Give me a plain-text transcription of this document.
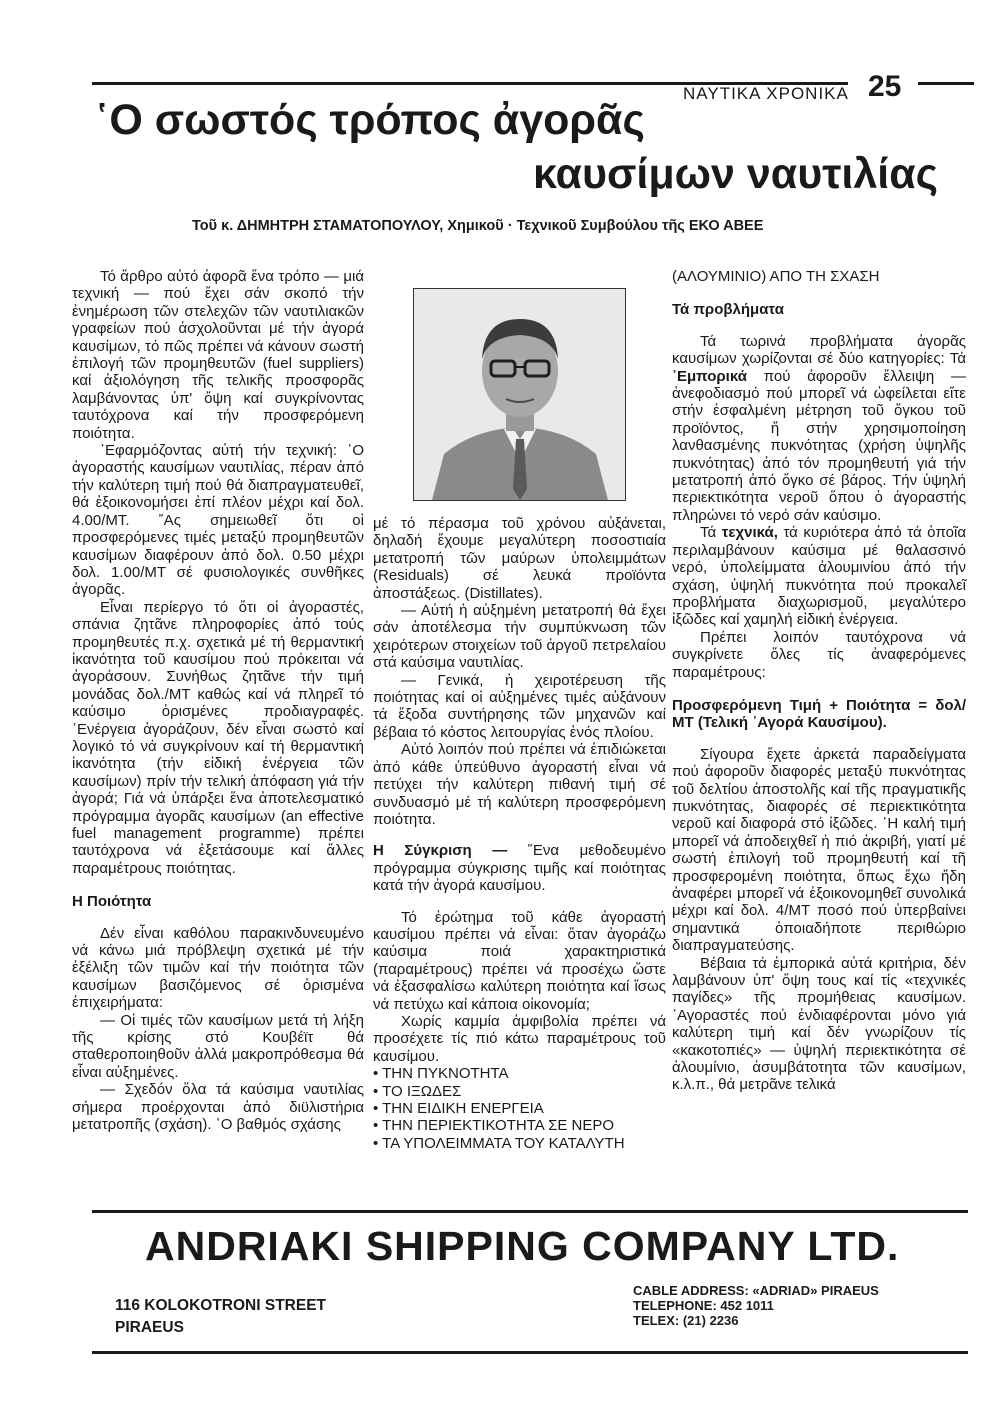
ΝΑΥΤΙΚΑ ΧΡΟΝΙΚΑ 25
῾Ο σωστός τρόπος ἀγορᾶς
καυσίμων ναυτιλίας
Τοῦ κ. ΔΗΜΗΤΡΗ ΣΤΑΜΑΤΟΠΟΥΛΟΥ, Χημικοῦ · Τεχνικοῦ Συμβούλου τῆς ΕΚΟ ΑΒΕΕ

Τό ἄρθρο αὐτό ἀφορᾶ ἕνα τρόπο — μιά τεχνική — πού ἔχει σάν σκοπό τήν ἐνημέρωση τῶν στελεχῶν τῶν ναυτιλιακῶν γραφείων πού ἀσχολοῦνται μέ τήν ἀγορά καυσίμων, τό πῶς πρέπει νά κάνουν σωστή ἐπιλογή τῶν προμηθευτῶν (fuel suppliers) καί ἀξιολόγηση τῆς τελικῆς προσφορᾶς λαμβάνοντας ὑπ' ὄψη καί συγκρίνοντας ταυτόχρονα καί τήν προσφερόμενη ποιότητα.

᾿Εφαρμόζοντας αὐτή τήν τεχνική: ῾Ο ἀγοραστής καυσίμων ναυτιλίας, πέραν ἀπό τήν καλύτερη τιμή πού θά διαπραγματευθεῖ, θά ἐξοικονομήσει ἐπί πλέον μέχρι καί δολ. 4.00/ΜΤ. ῎Ας σημειωθεῖ ὅτι οἱ προσφερόμενες τιμές μεταξύ προμηθευτῶν καυσίμων διαφέρουν ἀπό δολ. 0.50 μέχρι δολ. 1.00/ΜΤ σέ φυσιολογικές συνθῆκες ἀγορᾶς.

Εἶναι περίεργο τό ὅτι οἱ ἀγοραστές, σπάνια ζητᾶνε πληροφορίες ἀπό τούς προμηθευτές π.χ. σχετικά μέ τή θερμαντική ἱκανότητα τοῦ καυσίμου πού πρόκειται νά ἀγοράσουν. Συνήθως ζητᾶνε τήν τιμή μονάδας δολ./ΜΤ καθώς καί νά πληρεῖ τό καύσιμο ὁρισμένες προδιαγραφές. ᾿Ενέργεια ἀγοράζουν, δέν εἶναι σωστό καί λογικό τό νά συγκρίνουν καί τή θερμαντική ἱκανότητα (τήν εἰδική ἐνέργεια τῶν καυσίμων) πρίν τήν τελική ἀπόφαση γιά τήν ἀγορά; Γιά νά ὑπάρξει ἕνα ἀποτελεσματικό πρόγραμμα ἀγορᾶς καυσίμων (an effective fuel management programme) πρέπει ταυτόχρονα νά ἐξετάσουμε καί ἄλλες παραμέτρους ποιότητας.

Η Ποιότητα

Δέν εἶναι καθόλου παρακινδυνευμένο νά κάνω μιά πρόβλεψη σχετικά μέ τήν ἐξέλιξη τῶν τιμῶν καί τήν ποιότητα τῶν καυσίμων βασιζόμενος σέ ὁρισμένα ἐπιχειρήματα:

— Οἱ τιμές τῶν καυσίμων μετά τή λήξη τῆς κρίσης στό Κουβέϊτ θά σταθεροποιηθοῦν ἀλλά μακροπρόθεσμα θά εἶναι αὐξημένες.

— Σχεδόν ὅλα τά καύσιμα ναυτιλίας σήμερα προέρχονται ἀπό διϋλιστήρια μετατροπῆς (σχάση). ῾Ο βαθμός σχάσης

μέ τό πέρασμα τοῦ χρόνου αὐξάνεται, δηλαδή ἔχουμε μεγαλύτερη ποσοστιαία μετατροπή τῶν μαύρων ὑπολειμμάτων (Residuals) σέ λευκά προϊόντα ἀποστάξεως. (Distillates).

— Αὐτή ἡ αὐξημένη μετατροπή θά ἔχει σάν ἀποτέλεσμα τήν συμπύκνωση τῶν χειρότερων στοιχείων τοῦ ἀργοῦ πετρελαίου στά καύσιμα ναυτιλίας.

— Γενικά, ἡ χειροτέρευση τῆς ποιότητας καί οἱ αὐξημένες τιμές αὐξάνουν τά ἔξοδα συντήρησης τῶν μηχανῶν καί βέβαια τό κόστος λειτουργίας ἑνός πλοίου.

Αὐτό λοιπόν πού πρέπει νά ἐπιδιώκεται ἀπό κάθε ὑπεύθυνο ἀγοραστή εἶναι νά πετύχει τήν καλύτερη πιθανή τιμή σέ συνδυασμό μέ τή καλύτερη προσφερόμενη ποιότητα.

Η Σύγκριση — ῞Ενα μεθοδευμένο πρόγραμμα σύγκρισης τιμῆς καί ποιότητας κατά τήν ἀγορά καυσίμου.

Τό ἐρώτημα τοῦ κάθε ἀγοραστή καυσίμου πρέπει νά εἶναι: ὅταν ἀγοράζω καύσιμα ποιά χαρακτηριστικά (παραμέτρους) πρέπει νά προσέχω ὥστε νά ἐξασφαλίσω καλύτερη ποιότητα καί ἴσως νά πετύχω καί κάποια οἰκονομία;

Χωρίς καμμία ἀμφιβολία πρέπει νά προσέχετε τίς πιό κάτω παραμέτρους τοῦ καυσίμου.

• ΤΗΝ ΠΥΚΝΟΤΗΤΑ

• ΤΟ ΙΞΩΔΕΣ

• ΤΗΝ ΕΙΔΙΚΗ ΕΝΕΡΓΕΙΑ

• ΤΗΝ ΠΕΡΙΕΚΤΙΚΟΤΗΤΑ ΣΕ ΝΕΡΟ

• ΤΑ ΥΠΟΛΕΙΜΜΑΤΑ ΤΟΥ ΚΑΤΑΛΥΤΗ

(ΑΛΟΥΜΙΝΙΟ) ΑΠΟ ΤΗ ΣΧΑΣΗ

Τά προβλήματα

Τά τωρινά προβλήματα ἀγορᾶς καυσίμων χωρίζονται σέ δύο κατηγορίες: Τά ᾿Εμπορικά πού ἀφοροῦν ἔλλειψη — ἀνεφοδιασμό πού μπορεῖ νά ὠφείλεται εἴτε στήν ἐσφαλμένη μέτρηση τοῦ ὄγκου τοῦ προϊόντος, ἤ στήν χρησιμοποίηση λανθασμένης πυκνότητας (χρήση ὑψηλῆς πυκνότητας) ἀπό τόν προμηθευτή γιά τήν μετατροπή ἀπό ὄγκο σέ βάρος. Τήν ὑψηλή περιεκτικότητα νεροῦ ὅπου ὁ ἀγοραστής πληρώνει τό νερό σάν καύσιμο.

Τά τεχνικά, τά κυριότερα ἀπό τά ὁποῖα περιλαμβάνουν καύσιμα μέ θαλασσινό νερό, ὑπολείμματα ἀλουμινίου ἀπό τήν σχάση, ὑψηλή πυκνότητα πού προκαλεῖ προβλήματα διαχωρισμοῦ, μεγαλύτερο ἰξῶδες καί χαμηλή εἰδική ἐνέργεια.

Πρέπει λοιπόν ταυτόχρονα νά συγκρίνετε ὅλες τίς ἀναφερόμενες παραμέτρους:

Προσφερόμενη Τιμή + Ποιότητα = δολ/ΜΤ (Τελική ᾿Αγορά Καυσίμου).

Σίγουρα ἔχετε ἀρκετά παραδείγματα πού ἀφοροῦν διαφορές μεταξύ πυκνότητας τοῦ δελτίου ἀποστολῆς καί τῆς πραγματικῆς πυκνότητας, διαφορές σέ περιεκτικότητα νεροῦ καί διαφορά στό ἰξῶδες. ῾Η καλή τιμή μπορεῖ νά ἀποδειχθεῖ ἡ πιό ἀκριβή, γιατί μέ σωστή ἐπιλογή τοῦ προμηθευτή καί τῆ προσφερομένη ποιότητα, ὅπως ἔχω ἤδη ἀναφέρει μπορεῖ νά ἐξοικονομηθεῖ συνολικά μέχρι καί δολ. 4/ΜΤ ποσό πού ὑπερβαίνει σημαντικά ὁποιαδήποτε περιθώριο διαπραγματεύσης.

Βέβαια τά ἐμπορικά αὐτά κριτήρια, δέν λαμβάνουν ὑπ' ὄψη τους καί τίς «τεχνικές παγίδες» τῆς προμήθειας καυσίμων. ᾿Αγοραστές πού ἐνδιαφέρονται μόνο γιά καλύτερη τιμή καί δέν γνωρίζουν τίς «κακοτοπιές» — ὑψηλή περιεκτικότητα σέ ἀλουμίνιο, ἀσυμβάτοτητα τῶν καυσίμων, κ.λ.π., θά μετρᾶνε τελικά

ANDRIAKI SHIPPING COMPANY LTD.
116 KOLOKOTRONI STREET
PIRAEUS
CABLE ADDRESS: «ADRIAD» PIRAEUS
TELEPHONE: 452 1011
TELEX: (21) 2236
